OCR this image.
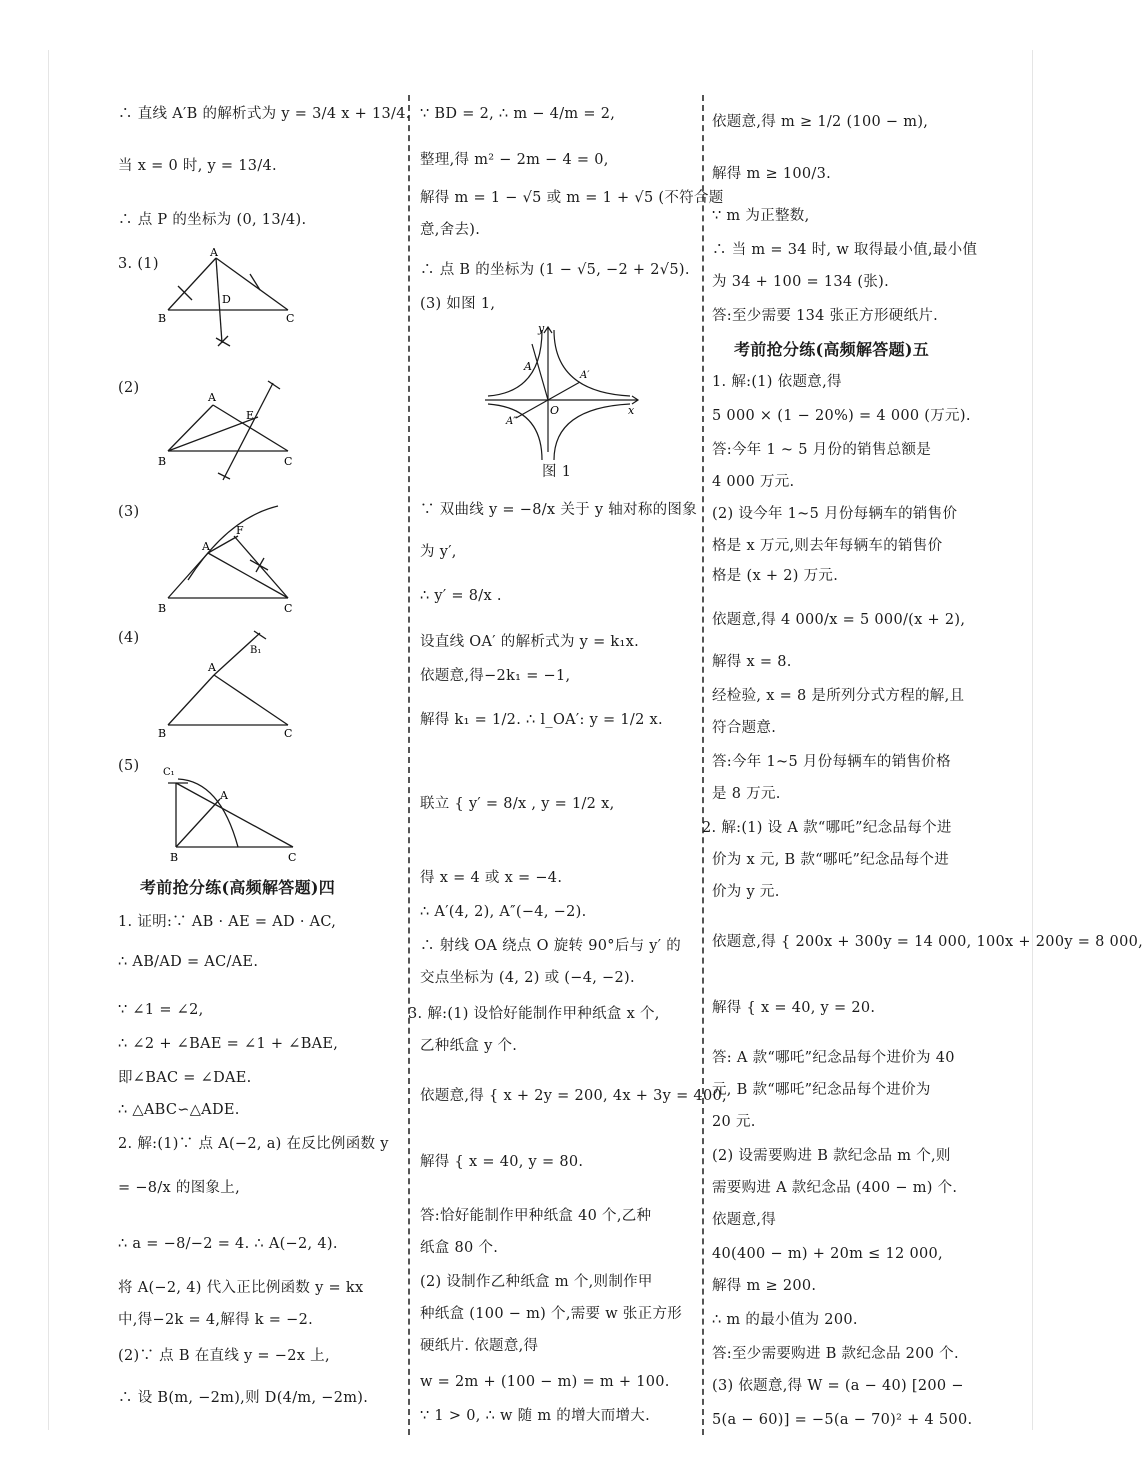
∴ 直线 A′B 的解析式为 y = 3/4 x + 13/4.
当 x = 0 时, y = 13/4.
∴ 点 P 的坐标为 (0, 13/4).
3. (1)
A
B	C
D
(2)
A
B	C
E
(3)
A
B	C
F
(4)
A
B	C
B₁
(5)
A
B	C
C₁
考前抢分练(高频解答题)四
1. 证明:∵ AB · AE = AD · AC,
∴ AB/AD = AC/AE.
∵ ∠1 = ∠2,
∴ ∠2 + ∠BAE = ∠1 + ∠BAE,
即∠BAC = ∠DAE.
∴ △ABC∽△ADE.
2. 解:(1)∵ 点 A(−2, a) 在反比例函数 y
= −8/x 的图象上,
∴ a = −8/−2 = 4. ∴ A(−2, 4).
将 A(−2, 4) 代入正比例函数 y = kx
中,得−2k = 4,解得 k = −2.
(2)∵ 点 B 在直线 y = −2x 上,
∴ 设 B(m, −2m),则 D(4/m, −2m).
∵ BD = 2, ∴ m − 4/m = 2,
整理,得 m² − 2m − 4 = 0,
解得 m = 1 − √5 或 m = 1 + √5 (不符合题
意,舍去).
∴ 点 B 的坐标为 (1 − √5, −2 + 2√5).
(3) 如图 1,
y
x
O
A
A′
A″
图 1
∵ 双曲线 y = −8/x 关于 y 轴对称的图象
为 y′,
∴ y′ = 8/x .
设直线 OA′ 的解析式为 y = k₁x.
依题意,得−2k₁ = −1,
解得 k₁ = 1/2. ∴ l_OA′: y = 1/2 x.
联立 { y′ = 8/x , y = 1/2 x,
得 x = 4 或 x = −4.
∴ A′(4, 2), A″(−4, −2).
∴ 射线 OA 绕点 O 旋转 90°后与 y′ 的
交点坐标为 (4, 2) 或 (−4, −2).
3. 解:(1) 设恰好能制作甲种纸盒 x 个,
乙种纸盒 y 个.
依题意,得 { x + 2y = 200, 4x + 3y = 400,
解得 { x = 40, y = 80.
答:恰好能制作甲种纸盒 40 个,乙种
纸盒 80 个.
(2) 设制作乙种纸盒 m 个,则制作甲
种纸盒 (100 − m) 个,需要 w 张正方形
硬纸片. 依题意,得
w = 2m + (100 − m) = m + 100.
∵ 1 > 0, ∴ w 随 m 的增大而增大.
依题意,得 m ≥ 1/2 (100 − m),
解得 m ≥ 100/3.
∵ m 为正整数,
∴ 当 m = 34 时, w 取得最小值,最小值
为 34 + 100 = 134 (张).
答:至少需要 134 张正方形硬纸片.
考前抢分练(高频解答题)五
1. 解:(1) 依题意,得
5 000 × (1 − 20%) = 4 000 (万元).
答:今年 1 ~ 5 月份的销售总额是
4 000 万元.
(2) 设今年 1~5 月份每辆车的销售价
格是 x 万元,则去年每辆车的销售价
格是 (x + 2) 万元.
依题意,得 4 000/x = 5 000/(x + 2),
解得 x = 8.
经检验, x = 8 是所列分式方程的解,且
符合题意.
答:今年 1~5 月份每辆车的销售价格
是 8 万元.
2. 解:(1) 设 A 款“哪吒”纪念品每个进
价为 x 元, B 款“哪吒”纪念品每个进
价为 y 元.
依题意,得 { 200x + 300y = 14 000, 100x + 200y = 8 000,
解得 { x = 40, y = 20.
答: A 款“哪吒”纪念品每个进价为 40
元, B 款“哪吒”纪念品每个进价为
20 元.
(2) 设需要购进 B 款纪念品 m 个,则
需要购进 A 款纪念品 (400 − m) 个.
依题意,得
40(400 − m) + 20m ≤ 12 000,
解得 m ≥ 200.
∴ m 的最小值为 200.
答:至少需要购进 B 款纪念品 200 个.
(3) 依题意,得 W = (a − 40) [200 −
5(a − 60)] = −5(a − 70)² + 4 500.
